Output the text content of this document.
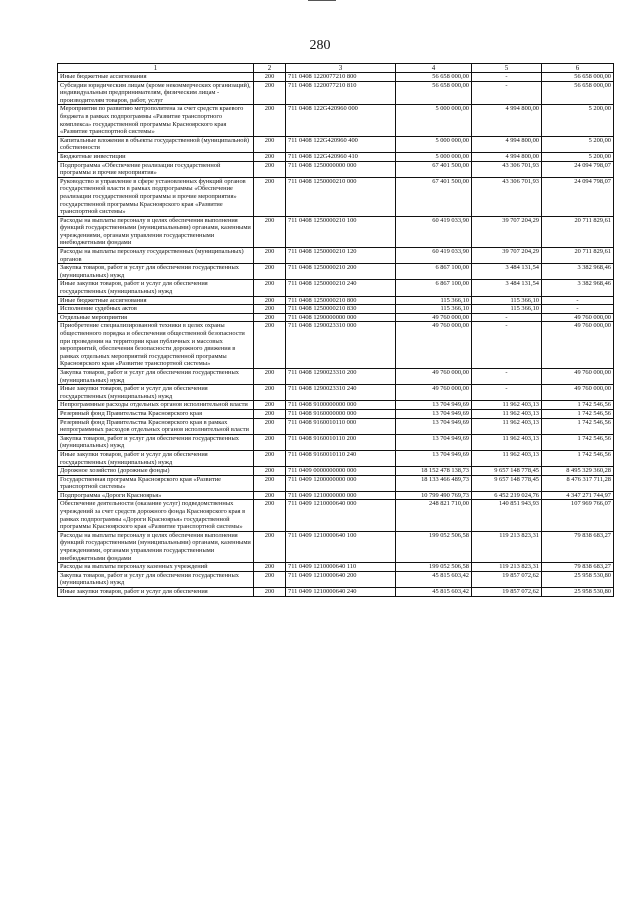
280
1	2	3	4	5	6
Иные бюджетные ассигнования	200	711 0408 1220077210 800	56 658 000,00	-	56 658 000,00
Субсидии юридическим лицам (кроме некоммерческих организаций), индивидуальным предпринимателям, физическим лицам - производителям товаров, работ, услуг	200	711 0408 1220077210 810	56 658 000,00	-	56 658 000,00
Мероприятия по развитию метрополитена за счет средств краевого бюджета в рамках подпрограммы «Развитие транспортного комплекса» государственной программы Красноярского края «Развитие транспортной системы»	200	711 0408 122G420960 000	5 000 000,00	4 994 800,00	5 200,00
Капитальные вложения в объекты государственной (муниципальной) собственности	200	711 0408 122G420960 400	5 000 000,00	4 994 800,00	5 200,00
Бюджетные инвестиции	200	711 0408 122G420960 410	5 000 000,00	4 994 800,00	5 200,00
Подпрограмма «Обеспечение реализации государственной программы и прочие мероприятия»	200	711 0408 1250000000 000	67 401 500,00	43 306 701,93	24 094 798,07
Руководство и управление в сфере установленных функций органов государственной власти в рамках подпрограммы «Обеспечение реализации государственной программы и прочие мероприятия» государственной программы Красноярского края «Развитие транспортной системы»	200	711 0408 1250000210 000	67 401 500,00	43 306 701,93	24 094 798,07
Расходы на выплаты персоналу в целях обеспечения выполнения функций государственными (муниципальными) органами, казенными учреждениями, органами управления государственными внебюджетными фондами	200	711 0408 1250000210 100	60 419 033,90	39 707 204,29	20 711 829,61
Расходы на выплаты персоналу государственных (муниципальных) органов	200	711 0408 1250000210 120	60 419 033,90	39 707 204,29	20 711 829,61
Закупка товаров, работ и услуг для обеспечения государственных (муниципальных) нужд	200	711 0408 1250000210 200	6 867 100,00	3 484 131,54	3 382 968,46
Иные закупки товаров, работ и услуг для обеспечения государственных (муниципальных) нужд	200	711 0408 1250000210 240	6 867 100,00	3 484 131,54	3 382 968,46
Иные бюджетные ассигнования	200	711 0408 1250000210 800	115 366,10	115 366,10	-
Исполнение судебных актов	200	711 0408 1250000210 830	115 366,10	115 366,10	-
Отдельные мероприятия	200	711 0408 1290000000 000	49 760 000,00	-	49 760 000,00
Приобретение специализированной техники в целях охраны общественного порядка и обеспечения общественной безопасности при проведении на территории края публичных и массовых мероприятий, обеспечения безопасности дорожного движения в рамках отдельных мероприятий государственной программы Красноярского края «Развитие транспортной системы»	200	711 0408 1290023310 000	49 760 000,00	-	49 760 000,00
Закупка товаров, работ и услуг для обеспечения государственных (муниципальных) нужд	200	711 0408 1290023310 200	49 760 000,00	-	49 760 000,00
Иные закупки товаров, работ и услуг для обеспечения государственных (муниципальных) нужд	200	711 0408 1290023310 240	49 760 000,00	-	49 760 000,00
Непрограммные расходы отдельных органов исполнительной власти	200	711 0408 9100000000 000	13 704 949,69	11 962 403,13	1 742 546,56
Резервный фонд Правительства Красноярского края	200	711 0408 9160000000 000	13 704 949,69	11 962 403,13	1 742 546,56
Резервный фонд Правительства Красноярского края в рамках непрограммных расходов отдельных органов исполнительной власти	200	711 0408 9160010110 000	13 704 949,69	11 962 403,13	1 742 546,56
Закупка товаров, работ и услуг для обеспечения государственных (муниципальных) нужд	200	711 0408 9160010110 200	13 704 949,69	11 962 403,13	1 742 546,56
Иные закупки товаров, работ и услуг для обеспечения государственных (муниципальных) нужд	200	711 0408 9160010110 240	13 704 949,69	11 962 403,13	1 742 546,56
Дорожное хозяйство (дорожные фонды)	200	711 0409 0000000000 000	18 152 478 138,73	9 657 148 778,45	8 495 329 360,28
Государственная программа Красноярского края «Развитие транспортной системы»	200	711 0409 1200000000 000	18 133 466 489,73	9 657 148 778,45	8 476 317 711,28
Подпрограмма «Дороги Красноярья»	200	711 0409 1210000000 000	10 799 490 769,73	6 452 219 024,76	4 347 271 744,97
Обеспечение деятельности (оказание услуг) подведомственных учреждений за счет средств дорожного фонда Красноярского края в рамках подпрограммы «Дороги Красноярья» государственной программы Красноярского края «Развитие транспортной системы»	200	711 0409 1210000640 000	248 821 710,00	140 851 943,93	107 969 766,07
Расходы на выплаты персоналу в целях обеспечения выполнения функций государственными (муниципальными) органами, казенными учреждениями, органами управления государственными внебюджетными фондами	200	711 0409 1210000640 100	199 052 506,58	119 213 823,31	79 838 683,27
Расходы на выплаты персоналу казенных учреждений	200	711 0409 1210000640 110	199 052 506,58	119 213 823,31	79 838 683,27
Закупка товаров, работ и услуг для обеспечения государственных (муниципальных) нужд	200	711 0409 1210000640 200	45 815 603,42	19 857 072,62	25 958 530,80
Иные закупки товаров, работ и услуг для обеспечения	200	711 0409 1210000640 240	45 815 603,42	19 857 072,62	25 958 530,80
